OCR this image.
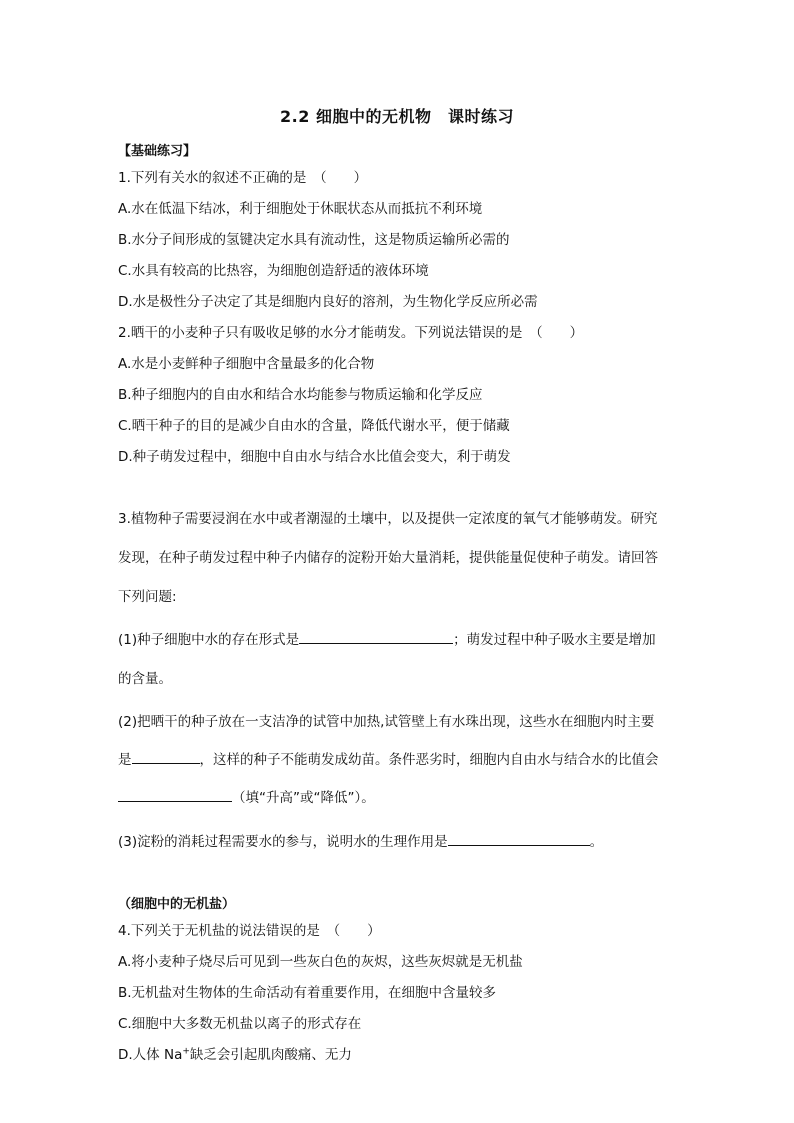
2.2 细胞中的无机物　课时练习
【基础练习】
1.下列有关水的叙述不正确的是　（　　）
A.水在低温下结冰，利于细胞处于休眠状态从而抵抗不利环境
B.水分子间形成的氢键决定水具有流动性，这是物质运输所必需的
C.水具有较高的比热容，为细胞创造舒适的液体环境
D.水是极性分子决定了其是细胞内良好的溶剂，为生物化学反应所必需
2.晒干的小麦种子只有吸收足够的水分才能萌发。下列说法错误的是　（　　）
A.水是小麦鲜种子细胞中含量最多的化合物
B.种子细胞内的自由水和结合水均能参与物质运输和化学反应
C.晒干种子的目的是减少自由水的含量，降低代谢水平，便于储藏
D.种子萌发过程中，细胞中自由水与结合水比值会变大，利于萌发
3.植物种子需要浸润在水中或者潮湿的土壤中，以及提供一定浓度的氧气才能够萌发。研究
发现，在种子萌发过程中种子内储存的淀粉开始大量消耗，提供能量促使种子萌发。请回答
下列问题:
(1)种子细胞中水的存在形式是	；萌发过程中种子吸水主要是增加
的含量。
(2)把晒干的种子放在一支洁净的试管中加热,试管壁上有水珠出现，这些水在细胞内时主要
是	，这样的种子不能萌发成幼苗。条件恶劣时，细胞内自由水与结合水的比值会
（填“升高”或“降低”）。
(3)淀粉的消耗过程需要水的参与，说明水的生理作用是	。
（细胞中的无机盐）
4.下列关于无机盐的说法错误的是　（　　）
A.将小麦种子烧尽后可见到一些灰白色的灰烬，这些灰烬就是无机盐
B.无机盐对生物体的生命活动有着重要作用，在细胞中含量较多
C.细胞中大多数无机盐以离子的形式存在
D.人体 Na+缺乏会引起肌肉酸痛、无力
